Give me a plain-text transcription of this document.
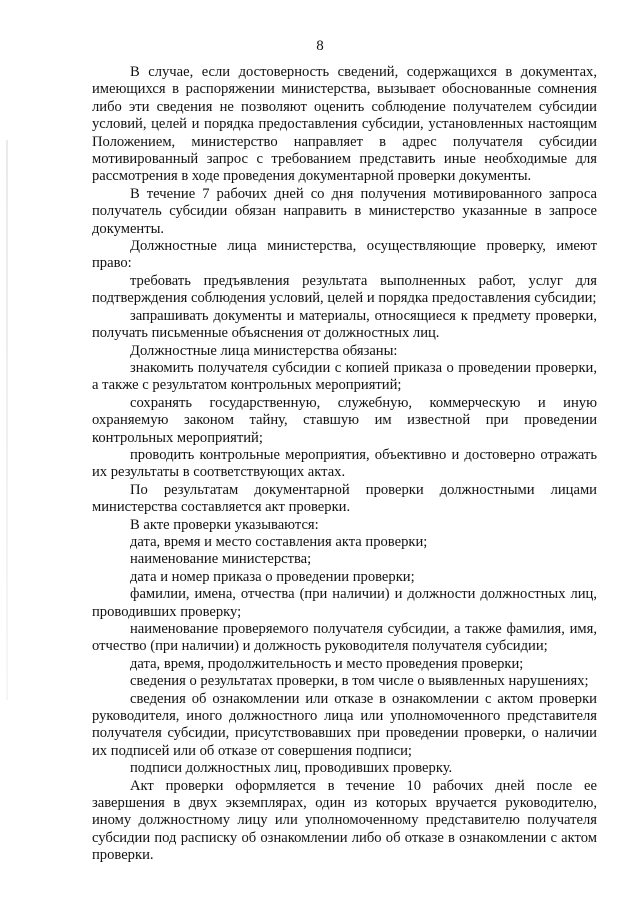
8

В случае, если достоверность сведений, содержащихся в документах, имеющихся в распоряжении министерства, вызывает обоснованные сомнения либо эти сведения не позволяют оценить соблюдение получателем субсидии условий, целей и порядка предоставления субсидии, установленных настоящим Положением, министерство направляет в адрес получателя субсидии мотивированный запрос с требованием представить иные необходимые для рассмотрения в ходе проведения документарной проверки документы.

В течение 7 рабочих дней со дня получения мотивированного запроса получатель субсидии обязан направить в министерство указанные в запросе документы.

Должностные лица министерства, осуществляющие проверку, имеют право:

требовать предъявления результата выполненных работ, услуг для подтверждения соблюдения условий, целей и порядка предоставления субсидии;

запрашивать документы и материалы, относящиеся к предмету проверки, получать письменные объяснения от должностных лиц.

Должностные лица министерства обязаны:

знакомить получателя субсидии с копией приказа о проведении проверки, а также с результатом контрольных мероприятий;

сохранять государственную, служебную, коммерческую и иную охраняемую законом тайну, ставшую им известной при проведении контрольных мероприятий;

проводить контрольные мероприятия, объективно и достоверно отражать их результаты в соответствующих актах.

По результатам документарной проверки должностными лицами министерства составляется акт проверки.

В акте проверки указываются:

дата, время и место составления акта проверки;

наименование министерства;

дата и номер приказа о проведении проверки;

фамилии, имена, отчества (при наличии) и должности должностных лиц, проводивших проверку;

наименование проверяемого получателя субсидии, а также фамилия, имя, отчество (при наличии) и должность руководителя получателя субсидии;

дата, время, продолжительность и место проведения проверки;

сведения о результатах проверки, в том числе о выявленных нарушениях;

сведения об ознакомлении или отказе в ознакомлении с актом проверки руководителя, иного должностного лица или уполномоченного представителя получателя субсидии, присутствовавших при проведении проверки, о наличии их подписей или об отказе от совершения подписи;

подписи должностных лиц, проводивших проверку.

Акт проверки оформляется в течение 10 рабочих дней после ее завершения в двух экземплярах, один из которых вручается руководителю, иному должностному лицу или уполномоченному представителю получателя субсидии под расписку об ознакомлении либо об отказе в ознакомлении с актом проверки.
